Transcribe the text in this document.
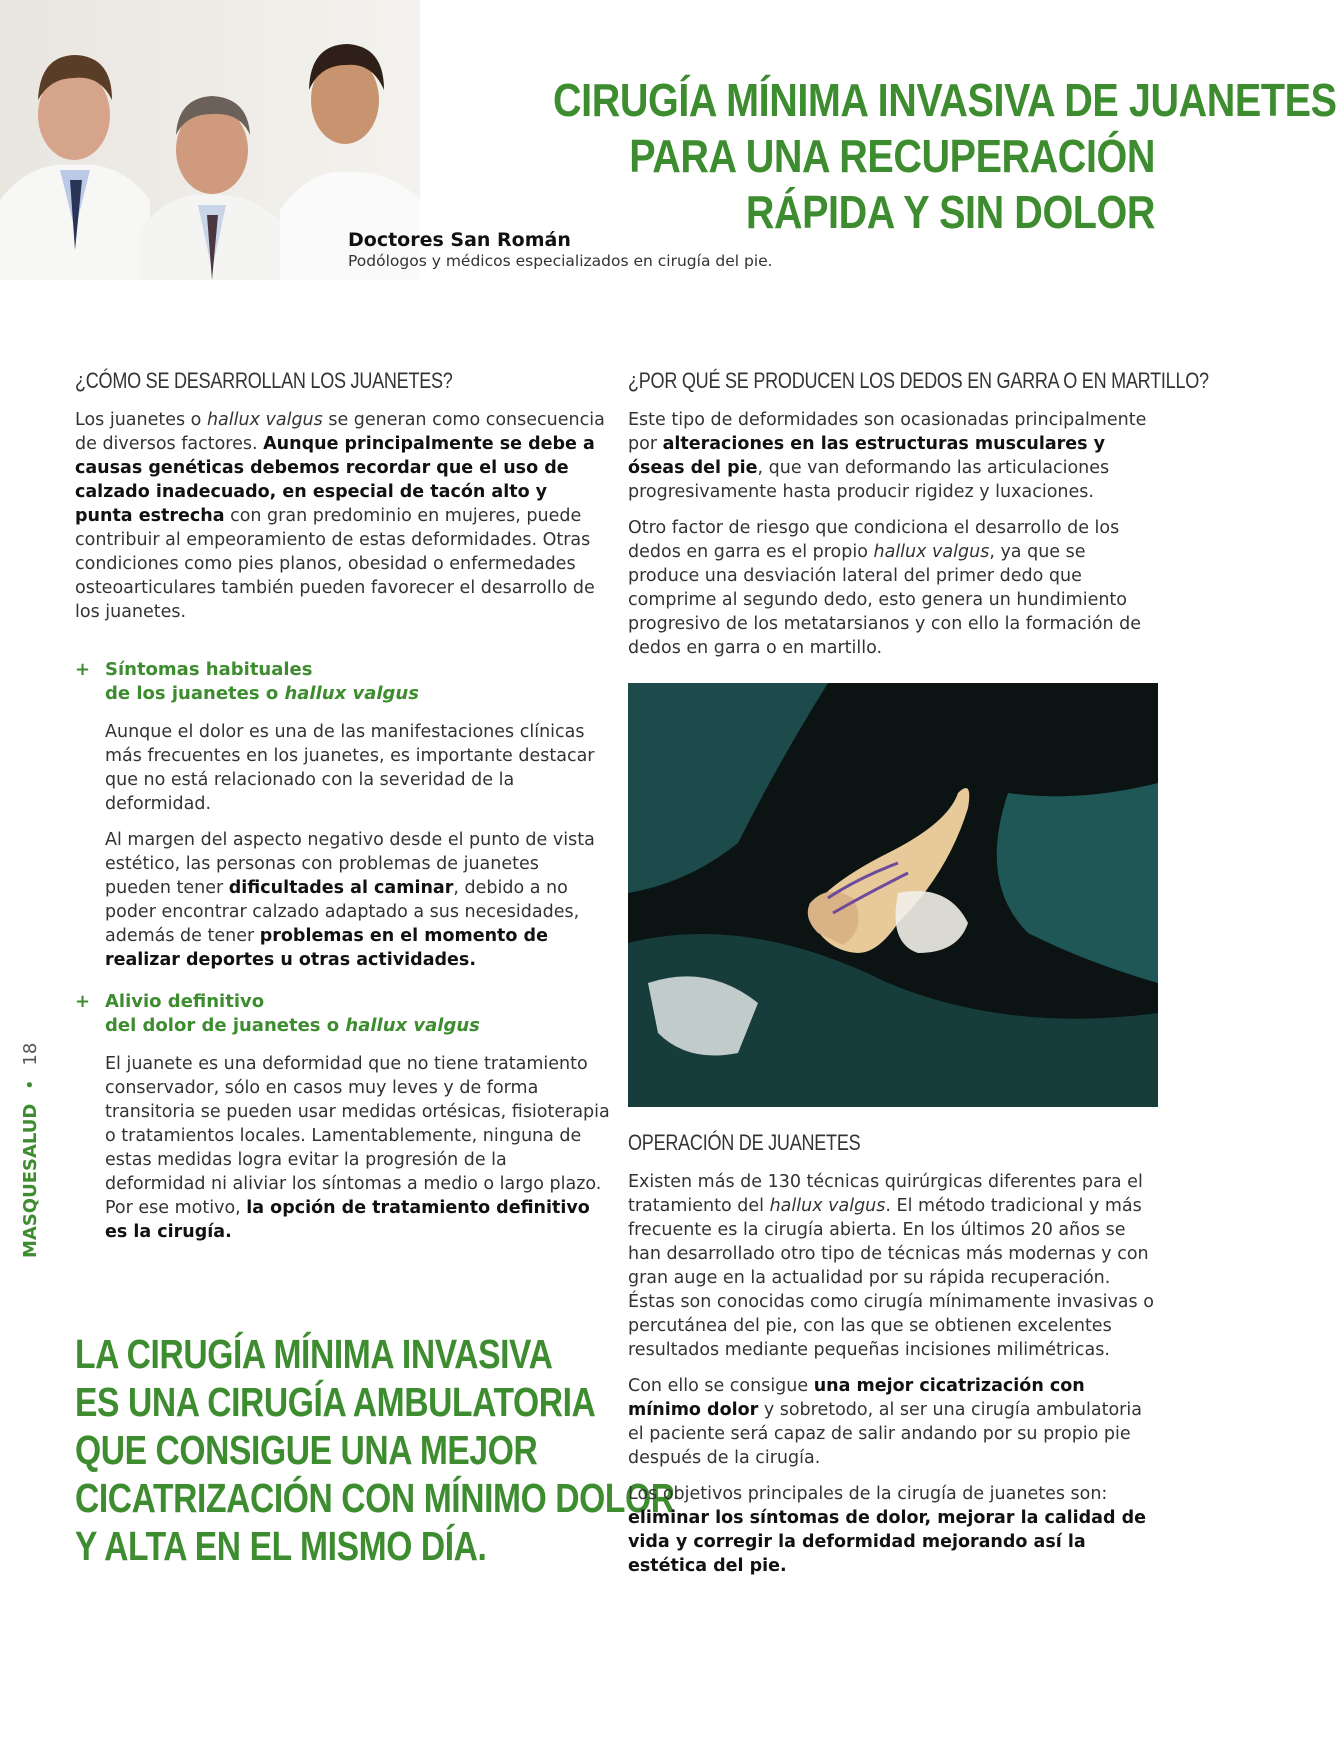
Doctores San Román
Podólogos y médicos especializados en cirugía del pie.
CIRUGÍA MÍNIMA INVASIVA DE JUANETES
PARA UNA RECUPERACIÓN
RÁPIDA Y SIN DOLOR
¿CÓMO SE DESARROLLAN LOS JUANETES?

Los juanetes o hallux valgus se generan como consecuencia de diversos factores. Aunque principalmente se debe a causas genéticas debemos recordar que el uso de calzado inadecuado, en especial de tacón alto y punta estrecha con gran predominio en mujeres, puede contribuir al empeoramiento de estas deformidades. Otras condiciones como pies planos, obesidad o enfermedades osteoarticulares también pueden favorecer el desarrollo de los juanetes.

+ Síntomas habituales
de los juanetes o hallux valgus

Aunque el dolor es una de las manifestaciones clínicas más frecuentes en los juanetes, es importante destacar que no está relacionado con la severidad de la deformidad.

Al margen del aspecto negativo desde el punto de vista estético, las personas con problemas de juanetes pueden tener dificultades al caminar, debido a no poder encontrar calzado adaptado a sus necesidades, además de tener problemas en el momento de realizar deportes u otras actividades.

+ Alivio definitivo
del dolor de juanetes o hallux valgus

El juanete es una deformidad que no tiene tratamiento conservador, sólo en casos muy leves y de forma transitoria se pueden usar medidas ortésicas, fisioterapia o tratamientos locales. Lamentablemente, ninguna de estas medidas logra evitar la progresión de la deformidad ni aliviar los síntomas a medio o largo plazo. Por ese motivo, la opción de tratamiento definitivo es la cirugía.

LA CIRUGÍA MÍNIMA INVASIVA
ES UNA CIRUGÍA AMBULATORIA
QUE CONSIGUE UNA MEJOR
CICATRIZACIÓN CON MÍNIMO DOLOR
Y ALTA EN EL MISMO DÍA.
¿POR QUÉ SE PRODUCEN LOS DEDOS EN GARRA O EN MARTILLO?

Este tipo de deformidades son ocasionadas principalmente por alteraciones en las estructuras musculares y óseas del pie, que van deformando las articulaciones progresivamente hasta producir rigidez y luxaciones.

Otro factor de riesgo que condiciona el desarrollo de los dedos en garra es el propio hallux valgus, ya que se produce una desviación lateral del primer dedo que comprime al segundo dedo, esto genera un hundimiento progresivo de los metatarsianos y con ello la formación de dedos en garra o en martillo.

OPERACIÓN DE JUANETES

Existen más de 130 técnicas quirúrgicas diferentes para el tratamiento del hallux valgus. El método tradicional y más frecuente es la cirugía abierta. En los últimos 20 años se han desarrollado otro tipo de técnicas más modernas y con gran auge en la actualidad por su rápida recuperación. Éstas son conocidas como cirugía mínimamente invasivas o percutánea del pie, con las que se obtienen excelentes resultados mediante pequeñas incisiones milimétricas.

Con ello se consigue una mejor cicatrización con mínimo dolor y sobretodo, al ser una cirugía ambulatoria el paciente será capaz de salir andando por su propio pie después de la cirugía.

Los objetivos principales de la cirugía de juanetes son: eliminar los síntomas de dolor, mejorar la calidad de vida y corregir la deformidad mejorando así la estética del pie.

MASQUESALUD • 18
